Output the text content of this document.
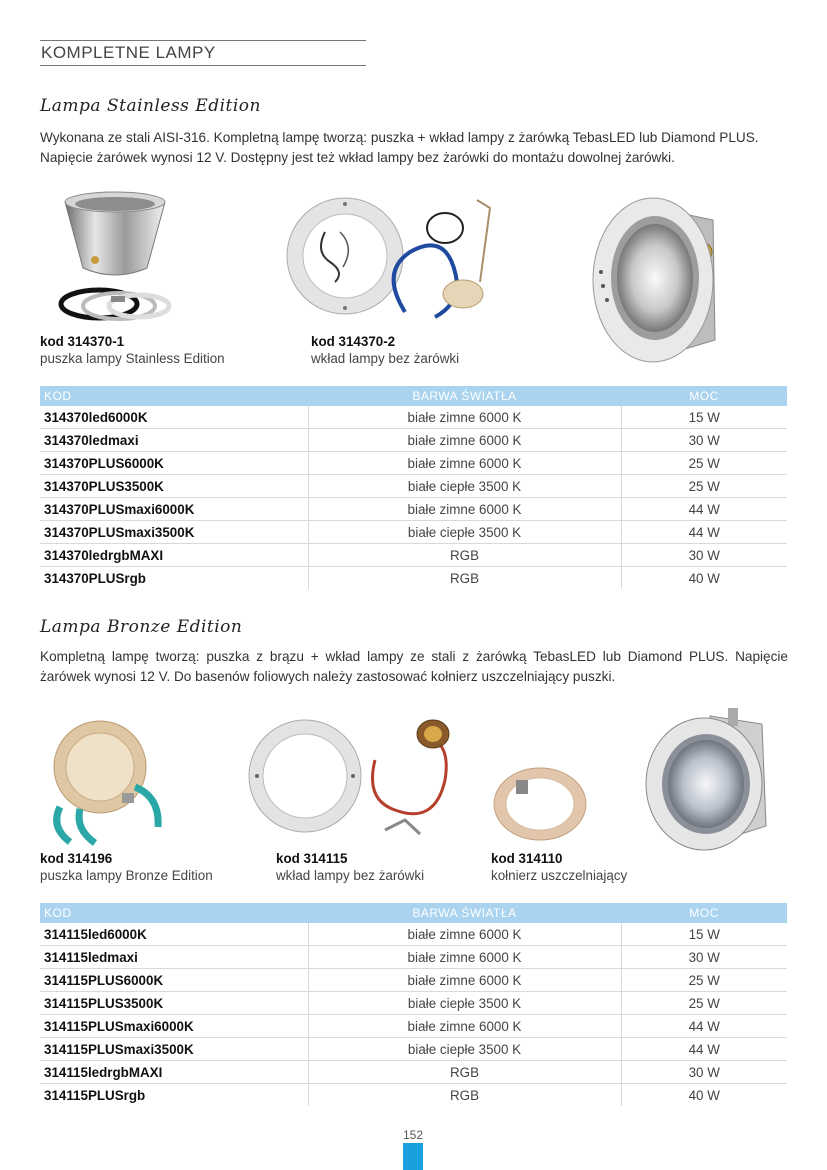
KOMPLETNE LAMPY
Lampa Stainless Edition

Wykonana ze stali AISI-316. Kompletną lampę tworzą: puszka + wkład lampy z żarówką TebasLED lub Diamond PLUS. Napięcie żarówek wynosi 12 V. Dostępny jest też wkład lampy bez żarówki do montażu dowolnej żarówki.

kod 314370-1
puszka lampy Stainless Edition
kod 314370-2
wkład lampy bez żarówki
KOD	BARWA ŚWIATŁA	MOC
314370led6000K	białe zimne 6000 K	15 W
314370ledmaxi	białe zimne 6000 K	30 W
314370PLUS6000K	białe zimne 6000 K	25 W
314370PLUS3500K	białe ciepłe 3500 K	25 W
314370PLUSmaxi6000K	białe zimne 6000 K	44 W
314370PLUSmaxi3500K	białe ciepłe 3500 K	44 W
314370ledrgbMAXI	RGB	30 W
314370PLUSrgb	RGB	40 W
Lampa Bronze Edition

Kompletną lampę tworzą: puszka z brązu + wkład lampy ze stali z żarówką TebasLED lub Diamond PLUS. Napięcie żarówek wynosi 12 V. Do basenów foliowych należy zastosować kołnierz uszczelniający puszki.

kod 314196
puszka lampy Bronze Edition
kod 314115
wkład lampy bez żarówki
kod 314110
kołnierz uszczelniający
KOD	BARWA ŚWIATŁA	MOC
314115led6000K	białe zimne 6000 K	15 W
314115ledmaxi	białe zimne 6000 K	30 W
314115PLUS6000K	białe zimne 6000 K	25 W
314115PLUS3500K	białe ciepłe 3500 K	25 W
314115PLUSmaxi6000K	białe zimne 6000 K	44 W
314115PLUSmaxi3500K	białe ciepłe 3500 K	44 W
314115ledrgbMAXI	RGB	30 W
314115PLUSrgb	RGB	40 W
152
